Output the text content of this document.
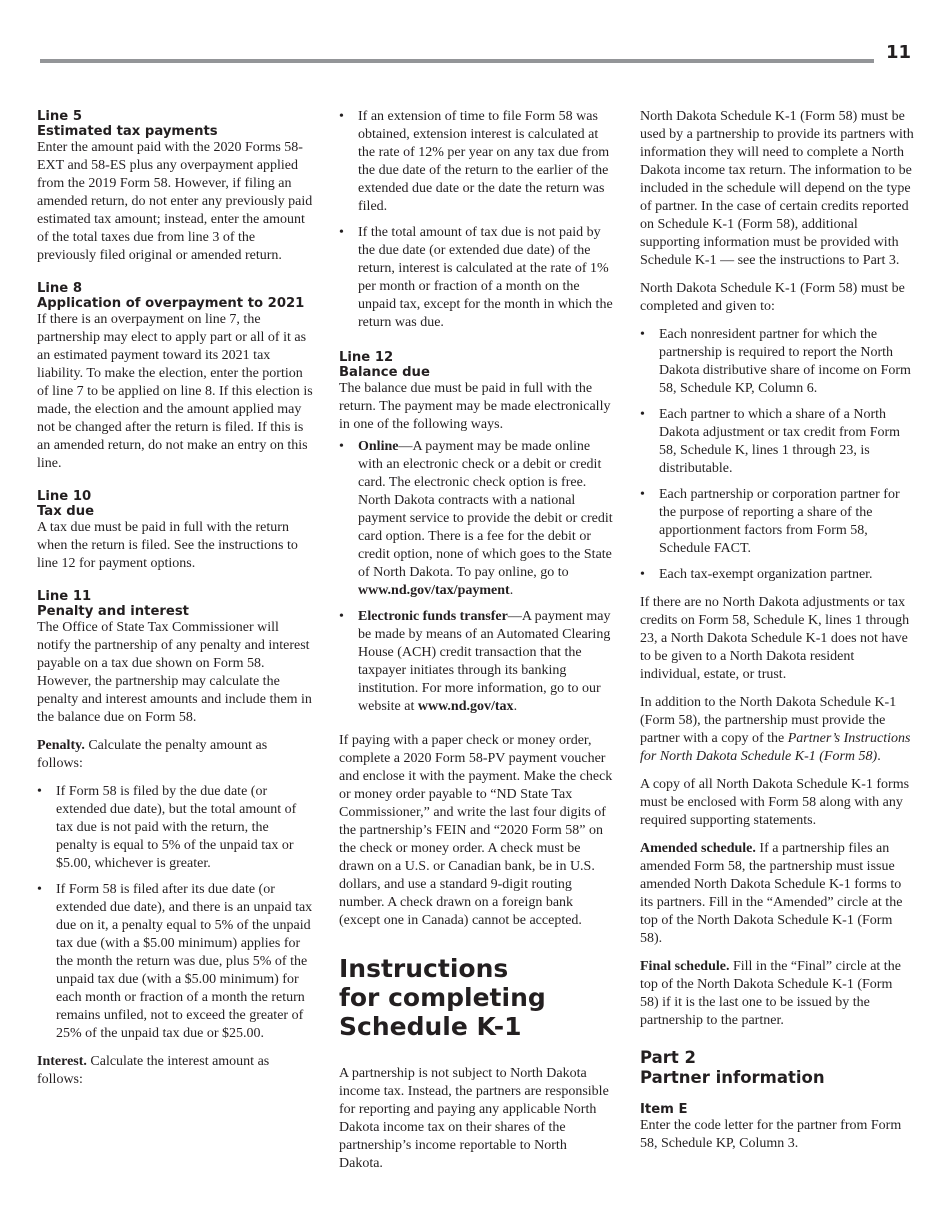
11
Line 5
Estimated tax payments

Enter the amount paid with the 2020 Forms 58-EXT and 58-ES plus any overpayment applied from the 2019 Form 58. However, if filing an amended return, do not enter any previously paid estimated tax amount; instead, enter the amount of the total taxes due from line 3 of the previously filed original or amended return.

Line 8
Application of overpayment to 2021

If there is an overpayment on line 7, the partnership may elect to apply part or all of it as an estimated payment toward its 2021 tax liability. To make the election, enter the portion of line 7 to be applied on line 8. If this election is made, the election and the amount applied may not be changed after the return is filed. If this is an amended return, do not make an entry on this line.

Line 10
Tax due

A tax due must be paid in full with the return when the return is filed. See the instructions to line 12 for payment options.

Line 11
Penalty and interest

The Office of State Tax Commissioner will notify the partnership of any penalty and interest payable on a tax due shown on Form 58. However, the partnership may calculate the penalty and interest amounts and include them in the balance due on Form 58.

Penalty. Calculate the penalty amount as follows:

• If Form 58 is filed by the due date (or extended due date), but the total amount of tax due is not paid with the return, the penalty is equal to 5% of the unpaid tax or $5.00, whichever is greater.
• If Form 58 is filed after its due date (or extended due date), and there is an unpaid tax due on it, a penalty equal to 5% of the unpaid tax due (with a $5.00 minimum) applies for the month the return was due, plus 5% of the unpaid tax due (with a $5.00 minimum) for each month or fraction of a month the return remains unfiled, not to exceed the greater of 25% of the unpaid tax due or $25.00.

Interest. Calculate the interest amount as follows:

• If an extension of time to file Form 58 was obtained, extension interest is calculated at the rate of 12% per year on any tax due from the due date of the return to the earlier of the extended due date or the date the return was filed.
• If the total amount of tax due is not paid by the due date (or extended due date) of the return, interest is calculated at the rate of 1% per month or fraction of a month on the unpaid tax, except for the month in which the return was due.
Line 12
Balance due

The balance due must be paid in full with the return. The payment may be made electronically in one of the following ways.

• Online—A payment may be made online with an electronic check or a debit or credit card. The electronic check option is free. North Dakota contracts with a national payment service to provide the debit or credit card option. There is a fee for the debit or credit option, none of which goes to the State of North Dakota. To pay online, go to www.nd.gov/tax/payment.
• Electronic funds transfer—A payment may be made by means of an Automated Clearing House (ACH) credit transaction that the taxpayer initiates through its banking institution. For more information, go to our website at www.nd.gov/tax.

If paying with a paper check or money order, complete a 2020 Form 58-PV payment voucher and enclose it with the payment. Make the check or money order payable to “ND State Tax Commissioner,” and write the last four digits of the partnership’s FEIN and “2020 Form 58” on the check or money order. A check must be drawn on a U.S. or Canadian bank, be in U.S. dollars, and use a standard 9-digit routing number. A check drawn on a foreign bank (except one in Canada) cannot be accepted.

Instructions
for completing
Schedule K-1

A partnership is not subject to North Dakota income tax. Instead, the partners are responsible for reporting and paying any applicable North Dakota income tax on their shares of the partnership’s income reportable to North Dakota.

North Dakota Schedule K-1 (Form 58) must be used by a partnership to provide its partners with information they will need to complete a North Dakota income tax return. The information to be included in the schedule will depend on the type of partner. In the case of certain credits reported on Schedule K-1 (Form 58), additional supporting information must be provided with Schedule K-1 — see the instructions to Part 3.

North Dakota Schedule K-1 (Form 58) must be completed and given to:

• Each nonresident partner for which the partnership is required to report the North Dakota distributive share of income on Form 58, Schedule KP, Column 6.
• Each partner to which a share of a North Dakota adjustment or tax credit from Form 58, Schedule K, lines 1 through 23, is distributable.
• Each partnership or corporation partner for the purpose of reporting a share of the apportionment factors from Form 58, Schedule FACT.
• Each tax-exempt organization partner.

If there are no North Dakota adjustments or tax credits on Form 58, Schedule K, lines 1 through 23, a North Dakota Schedule K-1 does not have to be given to a North Dakota resident individual, estate, or trust.

In addition to the North Dakota Schedule K-1 (Form 58), the partnership must provide the partner with a copy of the Partner’s Instructions for North Dakota Schedule K-1 (Form 58).

A copy of all North Dakota Schedule K-1 forms must be enclosed with Form 58 along with any required supporting statements.

Amended schedule. If a partnership files an amended Form 58, the partnership must issue amended North Dakota Schedule K-1 forms to its partners. Fill in the “Amended” circle at the top of the North Dakota Schedule K-1 (Form 58).

Final schedule. Fill in the “Final” circle at the top of the North Dakota Schedule K-1 (Form 58) if it is the last one to be issued by the partnership to the partner.

Part 2
Partner information
Item E

Enter the code letter for the partner from Form 58, Schedule KP, Column 3.
